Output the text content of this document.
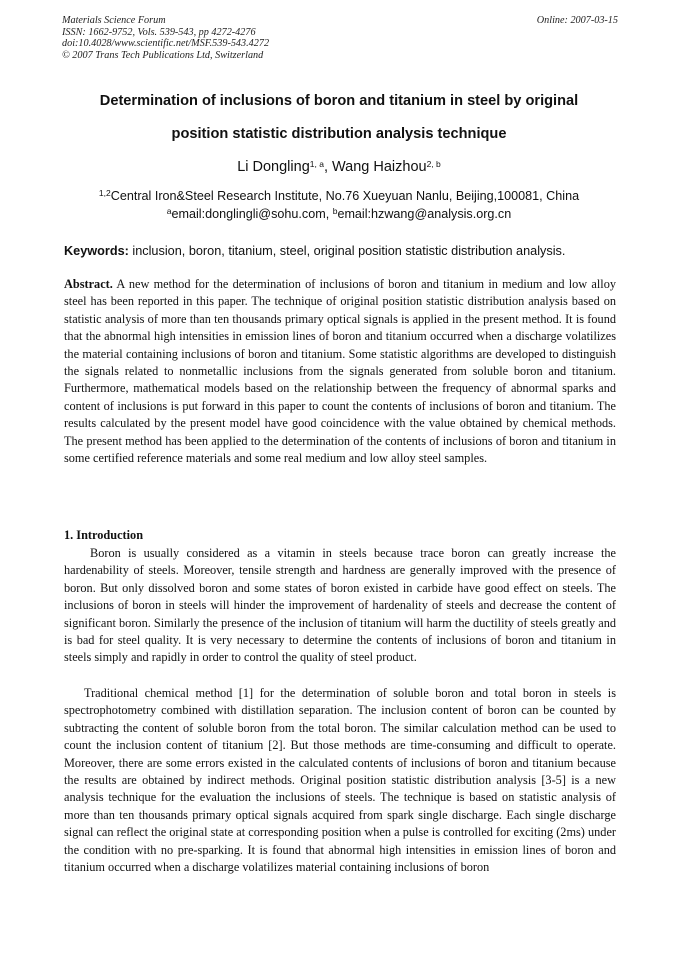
Materials Science Forum
ISSN: 1662-9752, Vols. 539-543, pp 4272-4276
doi:10.4028/www.scientific.net/MSF.539-543.4272
© 2007 Trans Tech Publications Ltd, Switzerland
Online: 2007-03-15
Determination of inclusions of boron and titanium in steel by original
position statistic distribution analysis technique
Li Dongling$^{1, a}$, Wang Haizhou$^{2, b}$
$^{1,2}$Central Iron&Steel Research Institute, No.76 Xueyuan Nanlu, Beijing,100081, China
$^a$email:donglingli@sohu.com, $^b$email:hzwang@analysis.org.cn
Keywords: inclusion, boron, titanium, steel, original position statistic distribution analysis.
Abstract. A new method for the determination of inclusions of boron and titanium in medium and low alloy steel has been reported in this paper. The technique of original position statistic distribution analysis based on statistic analysis of more than ten thousands primary optical signals is applied in the present method. It is found that the abnormal high intensities in emission lines of boron and titanium occurred when a discharge volatilizes the material containing inclusions of boron and titanium. Some statistic algorithms are developed to distinguish the signals related to nonmetallic inclusions from the signals generated from soluble boron and titanium. Furthermore, mathematical models based on the relationship between the frequency of abnormal sparks and content of inclusions is put forward in this paper to count the contents of inclusions of boron and titanium. The results calculated by the present model have good coincidence with the value obtained by chemical methods. The present method has been applied to the determination of the contents of inclusions of boron and titanium in some certified reference materials and some real medium and low alloy steel samples.
1. Introduction
Boron is usually considered as a vitamin in steels because trace boron can greatly increase the hardenability of steels. Moreover, tensile strength and hardness are generally improved with the presence of boron. But only dissolved boron and some states of boron existed in carbide have good effect on steels. The inclusions of boron in steels will hinder the improvement of hardenality of steels and decrease the content of significant boron. Similarly the presence of the inclusion of titanium will harm the ductility of steels greatly and is bad for steel quality. It is very necessary to determine the contents of inclusions of boron and titanium in steels simply and rapidly in order to control the quality of steel product.
Traditional chemical method [1] for the determination of soluble boron and total boron in steels is spectrophotometry combined with distillation separation. The inclusion content of boron can be counted by subtracting the content of soluble boron from the total boron. The similar calculation method can be used to count the inclusion content of titanium [2]. But those methods are time-consuming and difficult to operate. Moreover, there are some errors existed in the calculated contents of inclusions of boron and titanium because the results are obtained by indirect methods. Original position statistic distribution analysis [3-5] is a new analysis technique for the evaluation the inclusions of steels. The technique is based on statistic analysis of more than ten thousands primary optical signals acquired from spark single discharge. Each single discharge signal can reflect the original state at corresponding position when a pulse is controlled for exciting (2ms) under the condition with no pre-sparking. It is found that abnormal high intensities in emission lines of boron and titanium occurred when a discharge volatilizes material containing inclusions of boron
